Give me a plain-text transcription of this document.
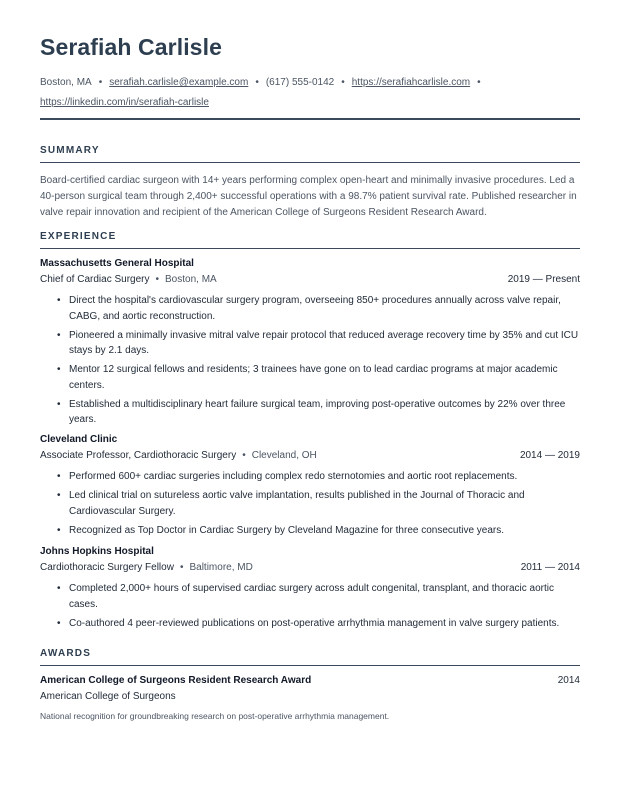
Serafiah Carlisle
Boston, MA • serafiah.carlisle@example.com • (617) 555-0142 • https://serafiahcarlisle.com •
https://linkedin.com/in/serafiah-carlisle
SUMMARY
Board-certified cardiac surgeon with 14+ years performing complex open-heart and minimally invasive procedures. Led a 40-person surgical team through 2,400+ successful operations with a 98.7% patient survival rate. Published researcher in valve repair innovation and recipient of the American College of Surgeons Resident Research Award.
EXPERIENCE
Massachusetts General Hospital
Chief of Cardiac Surgery • Boston, MA	2019 — Present
• Direct the hospital's cardiovascular surgery program, overseeing 850+ procedures annually across valve repair, CABG, and aortic reconstruction.
• Pioneered a minimally invasive mitral valve repair protocol that reduced average recovery time by 35% and cut ICU stays by 2.1 days.
• Mentor 12 surgical fellows and residents; 3 trainees have gone on to lead cardiac programs at major academic centers.
• Established a multidisciplinary heart failure surgical team, improving post-operative outcomes by 22% over three years.
Cleveland Clinic
Associate Professor, Cardiothoracic Surgery • Cleveland, OH	2014 — 2019
• Performed 600+ cardiac surgeries including complex redo sternotomies and aortic root replacements.
• Led clinical trial on sutureless aortic valve implantation, results published in the Journal of Thoracic and Cardiovascular Surgery.
• Recognized as Top Doctor in Cardiac Surgery by Cleveland Magazine for three consecutive years.
Johns Hopkins Hospital
Cardiothoracic Surgery Fellow • Baltimore, MD	2011 — 2014
• Completed 2,000+ hours of supervised cardiac surgery across adult congenital, transplant, and thoracic aortic cases.
• Co-authored 4 peer-reviewed publications on post-operative arrhythmia management in valve surgery patients.
AWARDS
American College of Surgeons Resident Research Award	2014
American College of Surgeons
National recognition for groundbreaking research on post-operative arrhythmia management.
